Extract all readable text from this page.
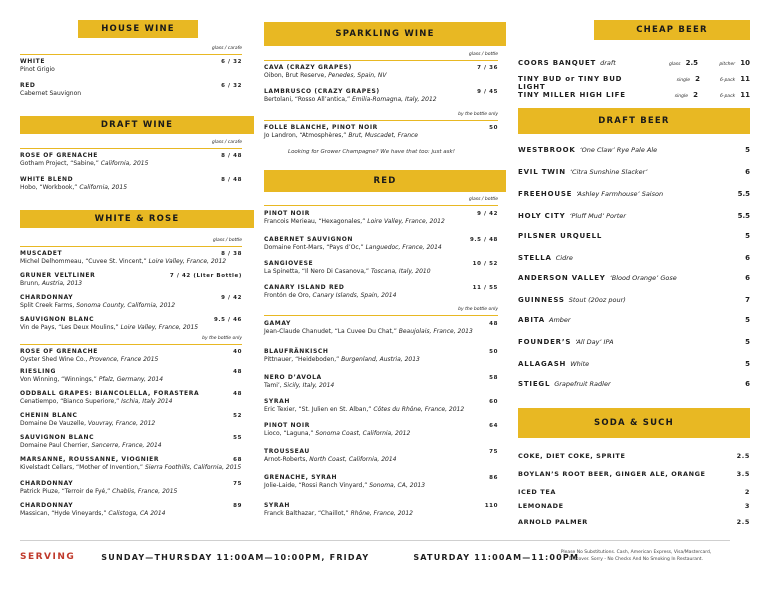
HOUSE WINE
glass / carafe
WHITE	6 / 32
Pinot Grigio
RED	6 / 32
Cabernet Sauvignon
DRAFT WINE
glass / carafe
ROSE OF GRENACHE	8 / 48
Gotham Project, “Sabine,” California, 2015
WHITE BLEND	8 / 48
Hobo, “Workbook,” California, 2015
WHITE & ROSE
glass / bottle
by the bottle only
MUSCADET	8 / 38
Michel Delhommeau, “Cuvee St. Vincent,” Loire Valley, France, 2012
GRUNER VELTLINER	7 / 42 (Liter Bottle)
Brunn, Austria, 2013
CHARDONNAY	9 / 42
Split Creek Farms, Sonoma County, California, 2012
SAUVIGNON BLANC	9.5 / 46
Vin de Pays, “Les Deux Moulins,” Loire Valley, France, 2015
ROSE OF GRENACHE	40
Oyster Shed Wine Co., Provence, France 2015
RIESLING	48
Von Winning, “Winnings,” Pfalz, Germany, 2014
ODDBALL GRAPES: BIANCOLELLA, FORASTERA	48
Cenatiempo, “Bianco Superiore,” Ischia, Italy 2014
CHENIN BLANC	52
Domaine De Vauzelle, Vouvray, France, 2012
SAUVIGNON BLANC	55
Domaine Paul Cherrier, Sancerre, France, 2014
MARSANNE, ROUSSANNE, VIOGNIER	68
Kivelstadt Cellars, “Mother of Invention,” Sierra Foothills, California, 2015
CHARDONNAY	75
Patrick Piuze, “Terroir de Fyé,” Chablis, France, 2015
CHARDONNAY	89
Massican, “Hyde Vineyards,” Calistoga, CA 2014
SPARKLING WINE
glass / bottle
by the bottle only
CAVA (CRAZY GRAPES)	7 / 36
Oibon, Brut Reserve, Penedes, Spain, NV
LAMBRUSCO (CRAZY GRAPES)	9 / 45
Bertolani, “Rosso All’antica,” Emilia-Romagna, Italy, 2012
FOLLE BLANCHE, PINOT NOIR	50
Jo Landron, “Atmosphères,” Brut, Muscadet, France
Looking for Grower Champagne? We have that too: just ask!
RED
glass / bottle
by the bottle only
PINOT NOIR	9 / 42
Francois Merieau, “Hexagonales,” Loire Valley, France, 2012
CABERNET SAUVIGNON	9.5 / 48
Domaine Font-Mars, “Pays d’Oc,” Languedoc, France, 2014
SANGIOVESE	10 / 52
La Spinetta, “Il Nero Di Casanova,” Toscana, Italy, 2010
CANARY ISLAND RED	11 / 55
Frontón de Oro, Canary Islands, Spain, 2014
GAMAY	48
Jean-Claude Chanudet, “La Cuvee Du Chat,” Beaujolais, France, 2013
BLAUFRÄNKISCH	50
Pittnauer, “Heideboden,” Burgenland, Austria, 2013
NERO D’AVOLA	58
Tami’, Sicily, Italy, 2014
SYRAH	60
Eric Texier, “St. Julien en St. Alban,” Côtes du Rhône, France, 2012
PINOT NOIR	64
Lioco, “Laguna,” Sonoma Coast, California, 2012
TROUSSEAU	75
Arnot-Roberts, North Coast, California, 2014
GRENACHE, SYRAH	86
Jolie-Laide, “Rossi Ranch Vinyard,” Sonoma, CA, 2013
SYRAH	110
Franck Balthazar, “Chaillot,” Rhône, France, 2012
CHEAP BEER
COORS BANQUET draft	glass 2.5	pitcher 10
TINY BUD or TINY BUD LIGHT
single 2	6-pack 11
TINY MILLER HIGH LIFE	single 2	6-pack 11
DRAFT BEER
WESTBROOK ‘One Claw’ Rye Pale Ale	5
EVIL TWIN ‘Citra Sunshine Slacker’	6
FREEHOUSE ‘Ashley Farmhouse’ Saison	5.5
HOLY CITY ‘Pluff Mud’ Porter	5.5
PILSNER URQUELL	5
STELLA Cidre	6
ANDERSON VALLEY ‘Blood Orange’ Gose	6
GUINNESS Stout (20oz pour)	7
ABITA Amber	5
FOUNDER’S ‘All Day’ IPA	5
ALLAGASH White	5
STIEGL Grapefruit Radler	6
SODA & SUCH
COKE, DIET COKE, SPRITE	2.5
BOYLAN’S ROOT BEER, GINGER ALE, ORANGE	3.5
ICED TEA	2
LEMONADE	3
ARNOLD PALMER	2.5
SERVING	SUNDAY—THURSDAY 11:00AM—10:00PM, FRIDAY	SATURDAY 11:00AM—11:00PM
Please No Substitutions. Cash, American Express, Visa/Mastercard,
Discover. Sorry - No Checks And No Smoking In Restaurant.
